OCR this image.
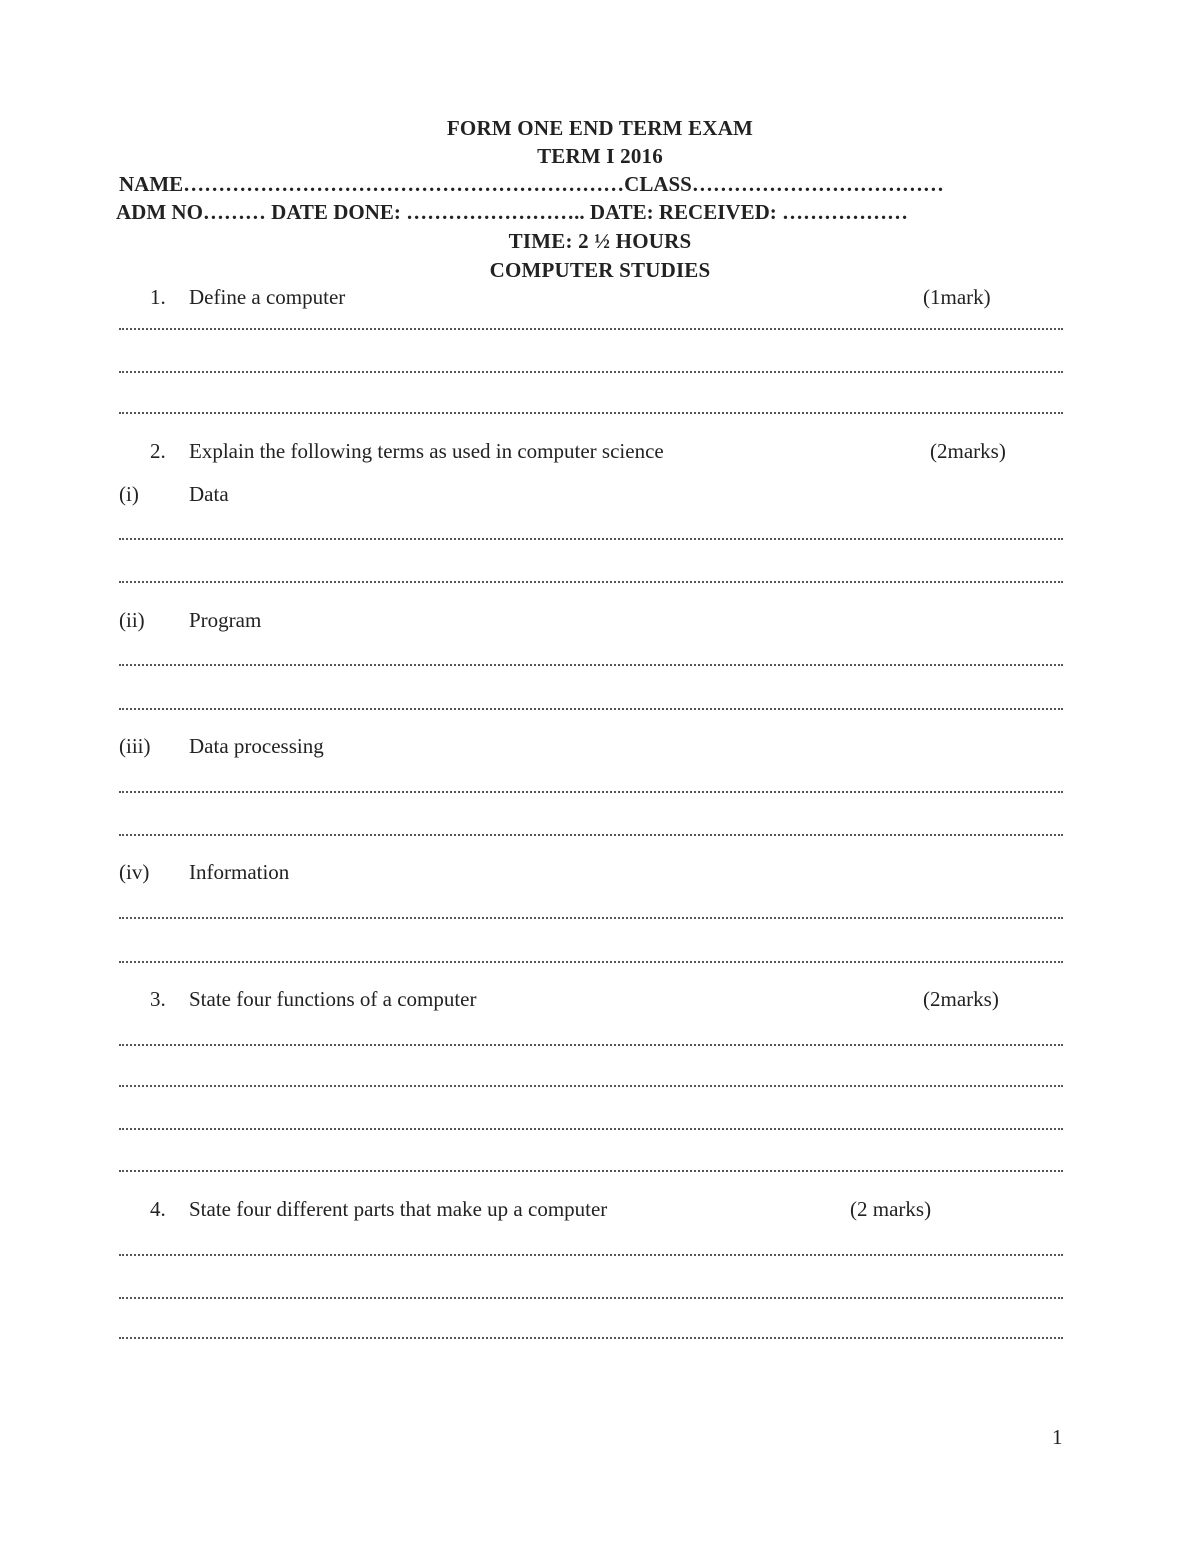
FORM ONE END TERM EXAM
TERM I 2016
NAME………………………………………………………CLASS………………………………
ADM NO……… DATE DONE: …………………….. DATE: RECEIVED: ………………
TIME: 2 ½ HOURS
COMPUTER STUDIES
1. Define a computer	(1mark)
2. Explain the following terms as used in computer science	(2marks)
(i) Data
(ii) Program
(iii) Data processing
(iv) Information
3. State four functions of a computer	(2marks)
4. State four different parts that make up a computer	(2 marks)
1
